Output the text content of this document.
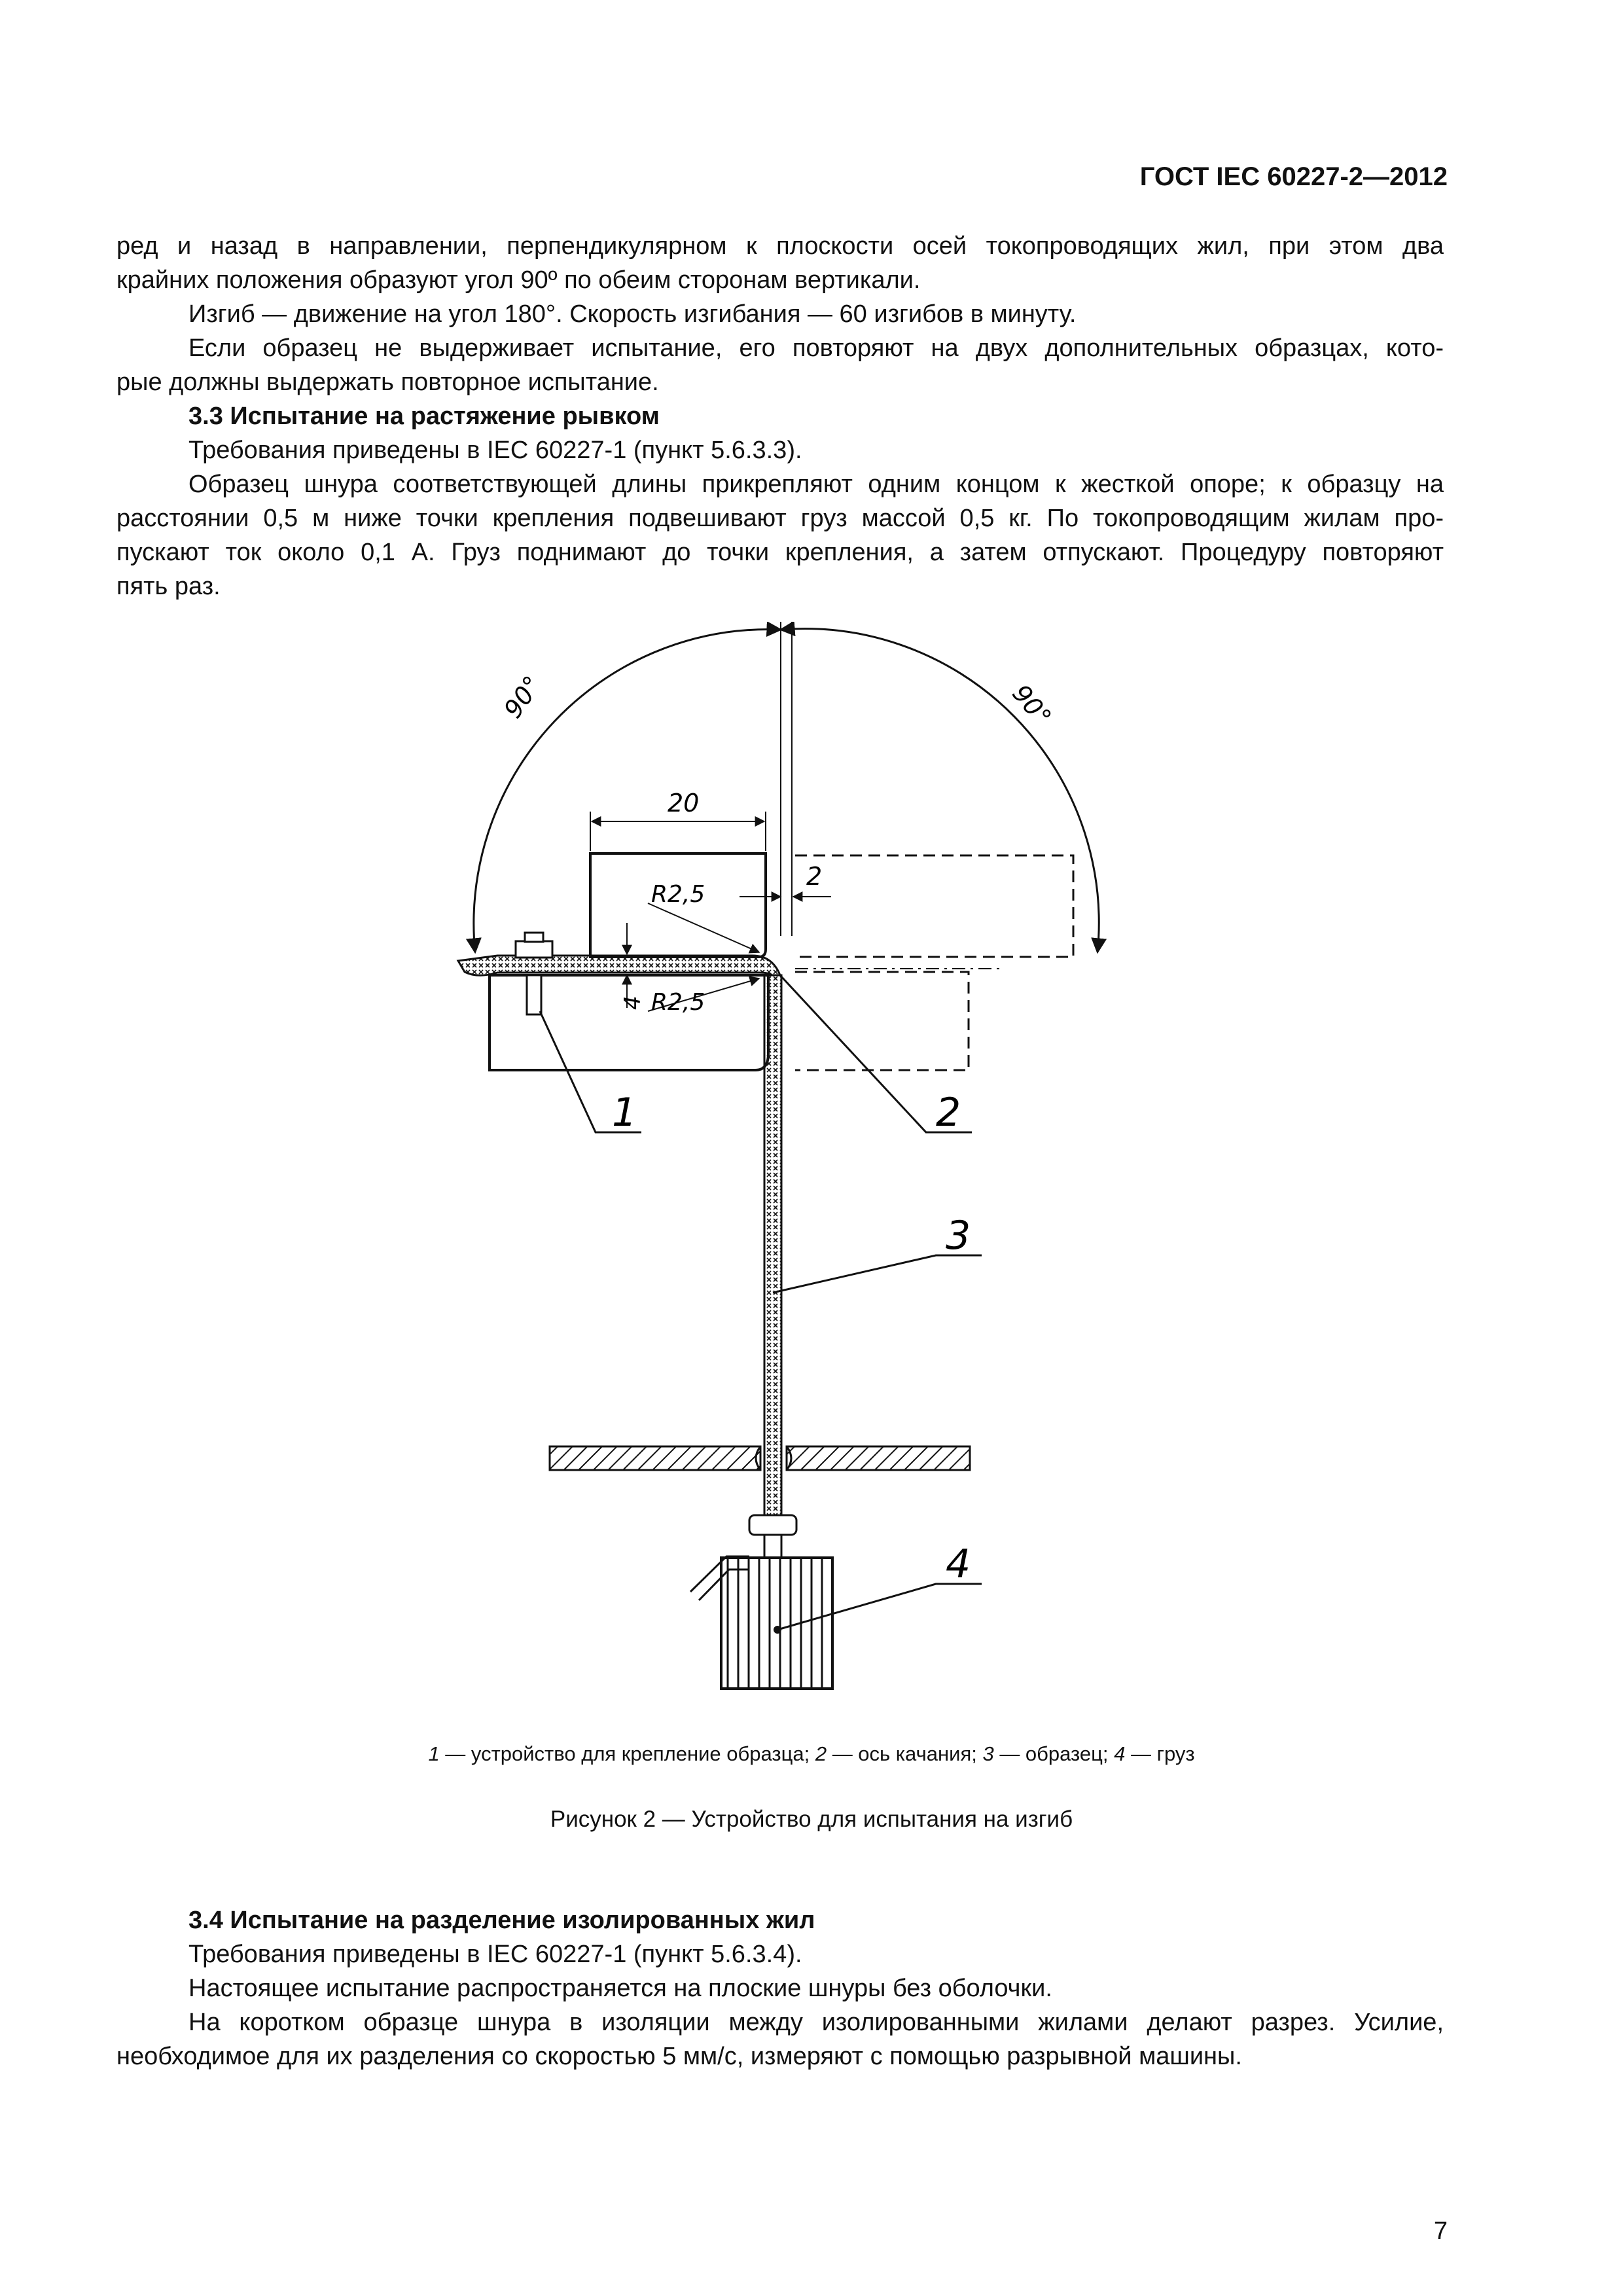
ГОСТ IEC 60227-2—2012

ред и назад в направлении, перпендикулярном к плоскости осей токопроводящих жил, при этом два

крайних положения образуют угол 90º по обеим сторонам вертикали.

Изгиб — движение на угол 180°. Скорость изгибания — 60 изгибов в минуту.

Если образец не выдерживает испытание, его повторяют на двух дополнительных образцах, кото-

рые должны выдержать повторное испытание.

3.3 Испытание на растяжение рывком

Требования приведены в IEC 60227-1 (пункт 5.6.3.3).

Образец шнура соответствующей длины прикрепляют одним концом к жесткой опоре; к образцу на

расстоянии 0,5 м ниже точки крепления подвешивают груз массой 0,5 кг. По токопроводящим жилам про-

пускают ток около 0,1 А. Груз поднимают до точки крепления, а затем отпускают. Процедуру повторяют

пять раз.

90°	90°
20
2
4
R2,5
R2,5
1	2
3
4
1 — устройство для крепление образца; 2 — ось качания; 3 — образец; 4 — груз
Рисунок 2 — Устройство для испытания на изгиб

3.4 Испытание на разделение изолированных жил

Требования приведены в IEC 60227-1 (пункт 5.6.3.4).

Настоящее испытание распространяется на плоские шнуры без оболочки.

На коротком образце шнура в изоляции между изолированными жилами делают разрез. Усилие,

необходимое для их разделения со скоростью 5 мм/с, измеряют с помощью разрывной машины.

7
